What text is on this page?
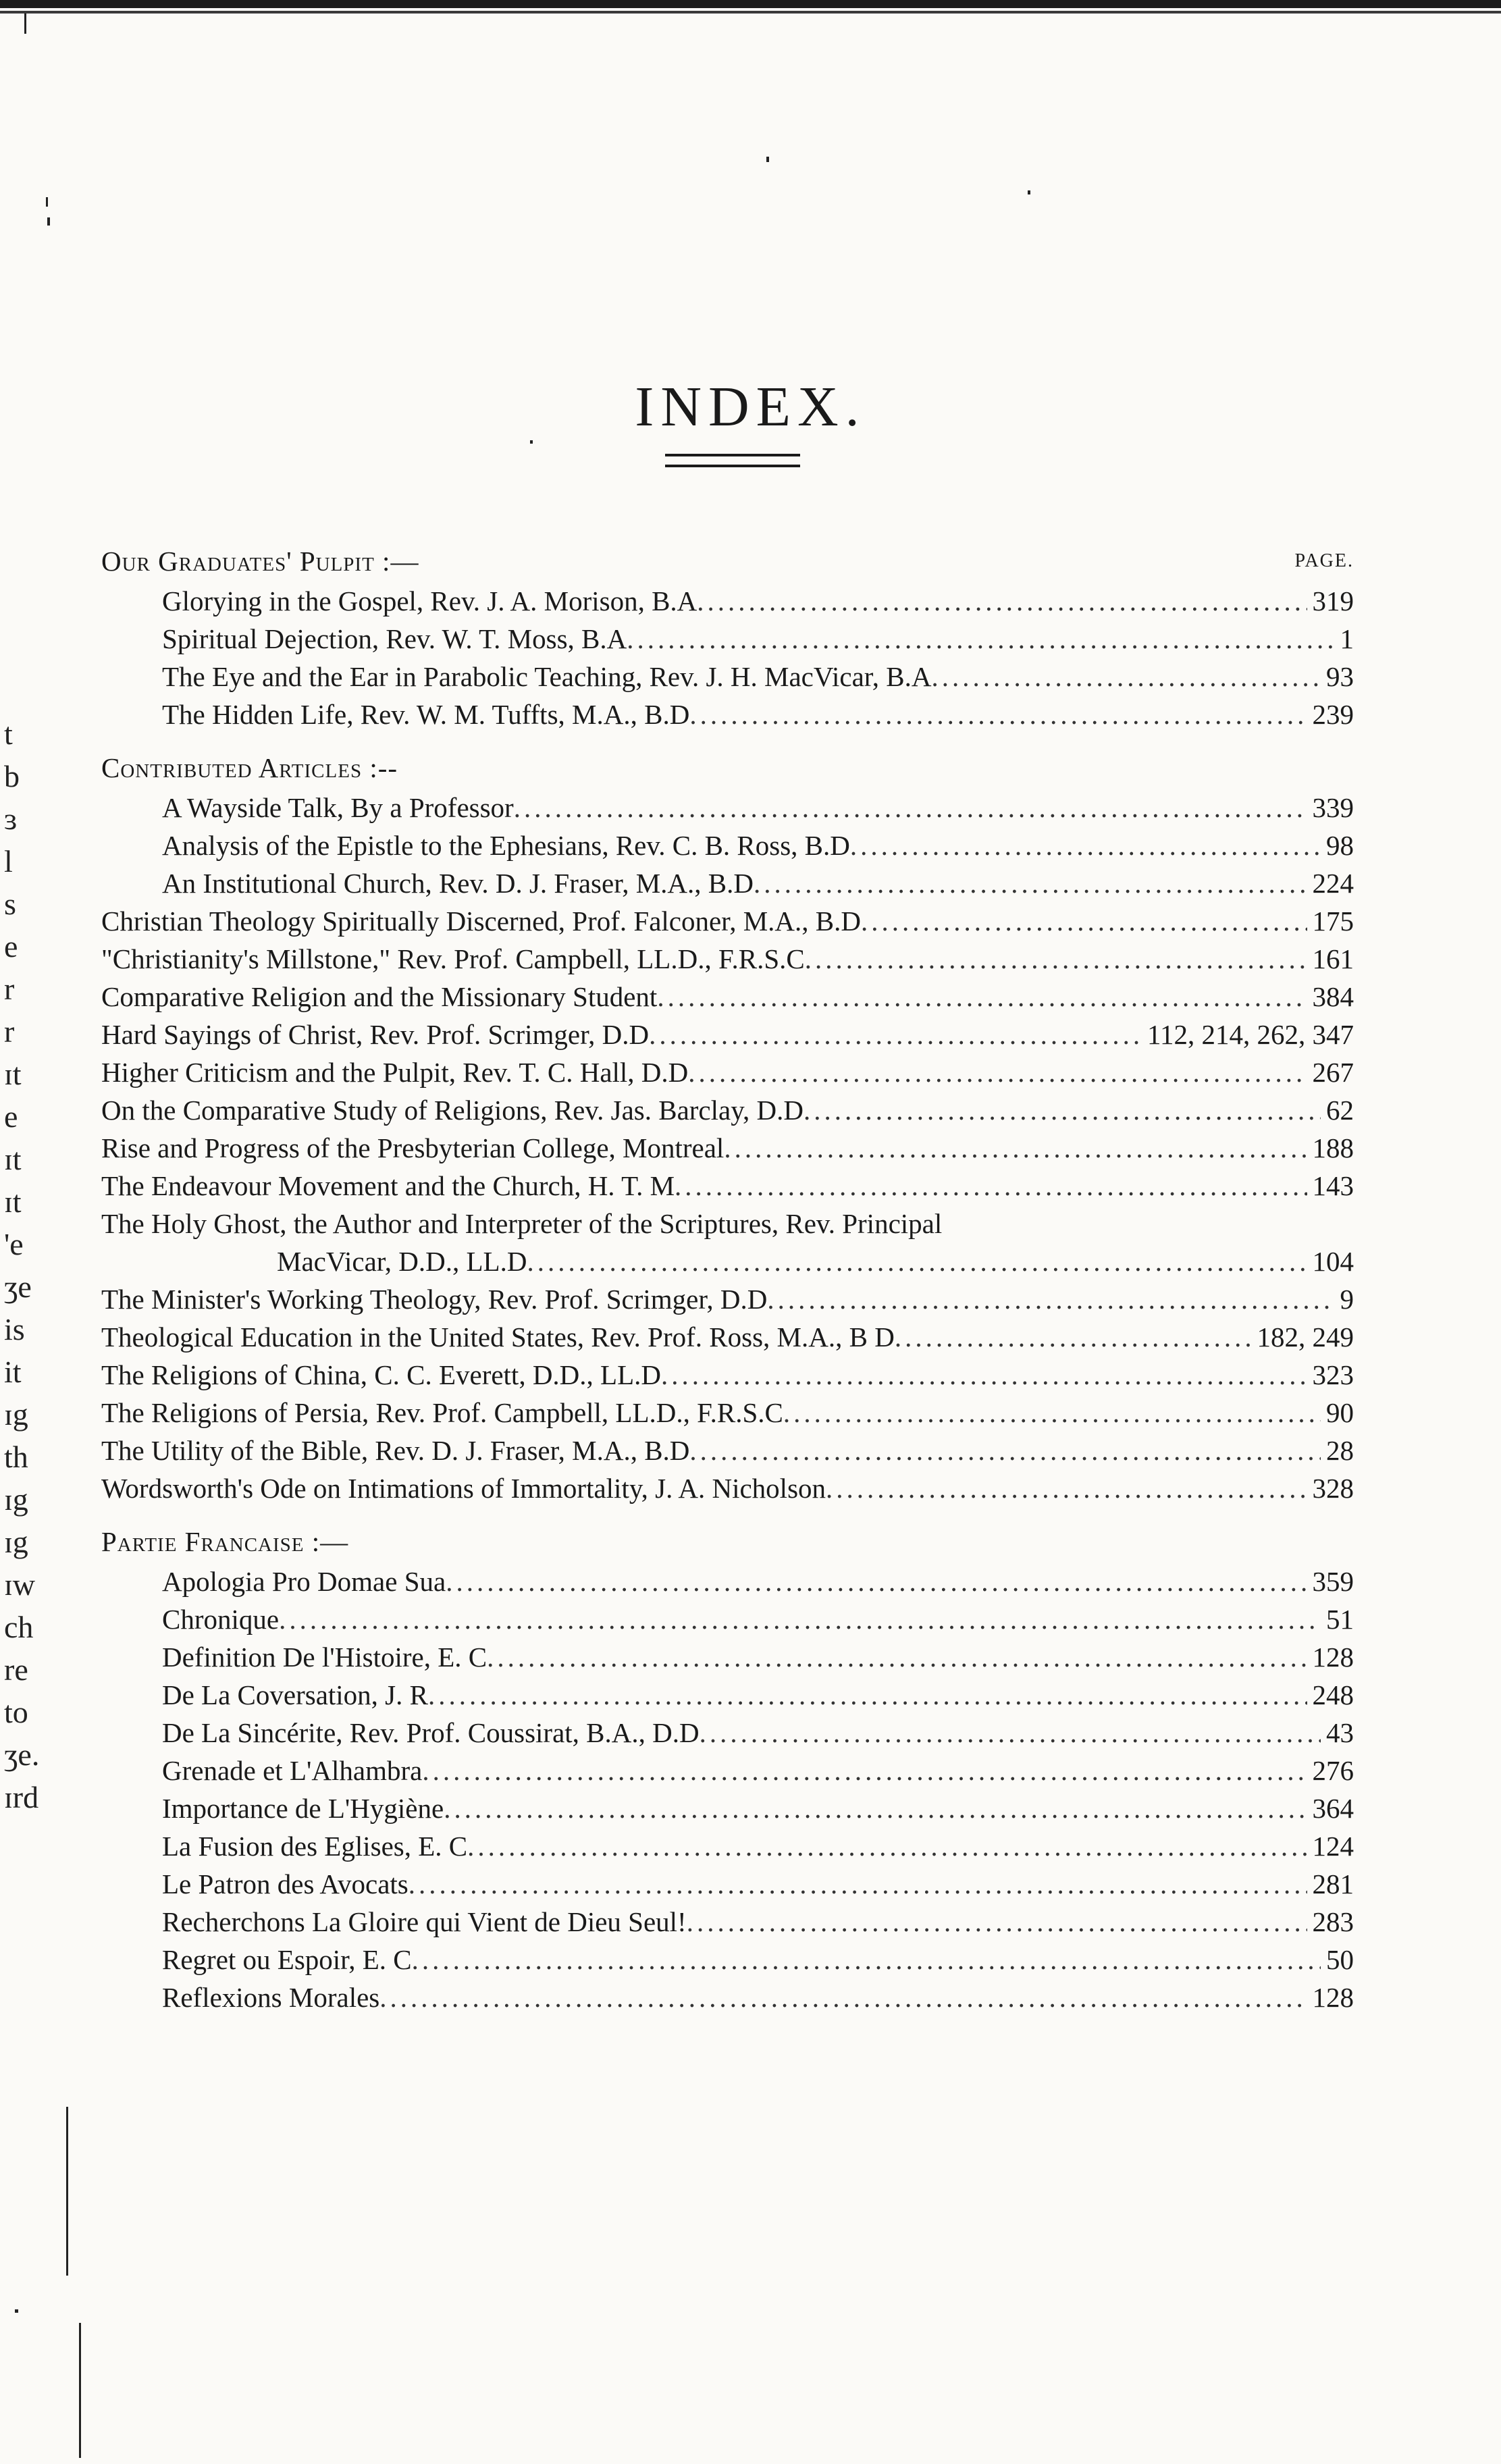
INDEX.
Our Graduates' Pulpit :—	PAGE.
Glorying in the Gospel, Rev. J. A. Morison, B.A .....	319
Spiritual Dejection, Rev. W. T. Moss, B.A .....	1
The Eye and the Ear in Parabolic Teaching, Rev. J. H. MacVicar, B.A .....	93
The Hidden Life, Rev. W. M. Tuffts, M.A., B.D .....	239
Contributed Articles :--
A Wayside Talk, By a Professor .....	339
Analysis of the Epistle to the Ephesians, Rev. C. B. Ross, B.D .....	98
An Institutional Church, Rev. D. J. Fraser, M.A., B.D .....	224
Christian Theology Spiritually Discerned, Prof. Falconer, M.A., B.D .....	175
"Christianity's Millstone," Rev. Prof. Campbell, LL.D., F.R.S.C .....	161
Comparative Religion and the Missionary Student .....	384
Hard Sayings of Christ, Rev. Prof. Scrimger, D.D .....	112, 214, 262, 347
Higher Criticism and the Pulpit, Rev. T. C. Hall, D.D .....	267
On the Comparative Study of Religions, Rev. Jas. Barclay, D.D .....	62
Rise and Progress of the Presbyterian College, Montreal .....	188
The Endeavour Movement and the Church, H. T. M .....	143
The Holy Ghost, the Author and Interpreter of the Scriptures, Rev. Principal
MacVicar, D.D., LL.D .....	104
The Minister's Working Theology, Rev. Prof. Scrimger, D.D .....	9
Theological Education in the United States, Rev. Prof. Ross, M.A., B D .....	182, 249
The Religions of China, C. C. Everett, D.D., LL.D .....	323
The Religions of Persia, Rev. Prof. Campbell, LL.D., F.R.S.C .....	90
The Utility of the Bible, Rev. D. J. Fraser, M.A., B.D .....	28
Wordsworth's Ode on Intimations of Immortality, J. A. Nicholson .....	328
Partie Francaise :—
Apologia Pro Domae Sua .....	359
Chronique .....	51
Definition De l'Histoire, E. C .....	128
De La Coversation, J. R .....	248
De La Sincérite, Rev. Prof. Coussirat, B.A., D.D .....	43
Grenade et L'Alhambra .....	276
Importance de L'Hygiène .....	364
La Fusion des Eglises, E. C .....	124
Le Patron des Avocats .....	281
Recherchons La Gloire qui Vient de Dieu Seul! .....	283
Regret ou Espoir, E. C .....	50
Reflexions Morales .....	128
t
b
ɜ
l
s
e
r
r
ɪt
e
ɪt
ɪt
'e
ʒe
is
it
ɪg
th
ɪg
ɪg
ɪw
ch
re
to
ʒe.
ɪrd
